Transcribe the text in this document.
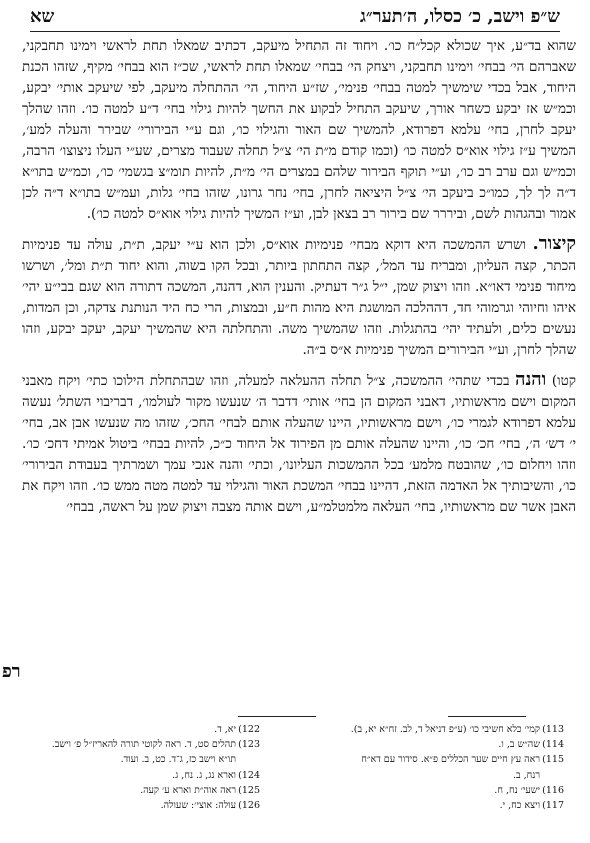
ש״פ וישב, כ׳ כסלו, ה׳תער״ג
שא

שהוא בד״ע, איך שכולא קכל״ח כו׳. ויחוד זה התחיל מיעקב, דכתיב שמאלו תחת לראשי וימינו תחבקני, שאברהם הי׳ בבחי׳ וימינו תחבקני, ויצחק הי׳ בבחי׳ שמאלו תחת לראשי, שכ״ז הוא בבחי׳ מקיף, שזהו הכנת היחוד, אבל בכדי שימשיך למטה בבחי׳ פנימי׳, שז״ע היחוד, הי׳ ההתחלה מיעקב, לפי שיעקב אותי׳ יבקע, וכמ״ש אז יבקע כשחר אורך, שיעקב התחיל לבקוע את החשך להיות גילוי בחי׳ ד״ע למטה כו׳. וזהו שהלך יעקב לחרן, בחי׳ עלמא דפרודא, להמשיך שם האור והגילוי כו׳, וגם ע״י הבירורי׳ שבירר והעלה למע׳, המשיך ע״ז גילוי אוא״ס למטה כו׳ (וכמו קודם מ״ת הי׳ צ״ל תחלה שעבוד מצרים, שע״י העלו ניצוצו׳ הרבה, וכמ״ש וגם ערב רב כו׳, וע״י תוקף הבירור שלהם במצרים הי׳ מ״ת, להיות תומ״צ בגשמי׳ כו׳, וכמ״ש בתו״א ד״ה לך לך, כמו״כ ביעקב הי׳ צ״ל היציאה לחרן, בחי׳ נחר גרונו, שזהו בחי׳ גלות, ועמ״ש בתו״א ד״ה לכן אמור ובהגהות לשם, וביררר שם בירור רב בצאן לבן, וע״ז המשיך להיות גילוי אוא״ס למטה כו׳).

קיצור. ושרש ההמשכה היא דוקא מבחי׳ פנימיות אוא״ס, ולכן הוא ע״י יעקב, ת״ת, עולה עד פנימיות הכתר, קצה העליון, ומבריח עד המל׳, קצה התחתון ביותר, ובכל הקו בשוה, והוא יחוד ת״ת ומל׳, ושרשו מיחוד פנימי דאו״א. וזהו ויצוק שמן, י״ל ג״ר דעתיק. והענין הוא, דהנה, המשכה דתורה הוא שגם בבי״ע יהי׳ איהו וחיוהי וגרמוהי חד, דההלכה המושגת היא מהות ח״ע, ובמצות, הרי כח היד הנותנת צדקה, וכן המדות, נעשים כלים, ולעתיד יהי׳ בהתגלות. וזהו שהמשיך משה. והתחלתה היא שהמשיך יעקב, יעקב יבקע, וזהו שהלך לחרן, וע״י הבירורים המשיך פנימיות א״ס ב״ה.

קטו) והנה בכדי שתהי׳ ההמשכה, צ״ל תחלה ההעלאה למעלה, וזהו שבהתחלת הילוכו כתי׳ ויקח מאבני המקום וישם מראשותיו, דאבני המקום הן בחי׳ אותי׳ דדבר ה׳ שנעשו מקור לעולמו׳, דבריבוי השתל׳ נעשה עלמא דפרודא לגמרי כו׳, וישם מראשותיו, היינו שהעלה אותם לבחי׳ החכ׳, שזהו מה שנעשו אבן אב, בחי׳ י׳ דש׳ ה׳, בחי׳ חכ׳ כו׳, והיינו שהעלה אותם מן הפירוד אל היחוד כ״כ, להיות בבחי׳ ביטול אמיתי דחכ׳ כו׳. וזהו ויחלום כו׳, שהובטח מלמע׳ בכל ההמשכות העליונו׳, וכתי׳ והנה אנכי עמך ושמרתיך בעבודת הבירורי׳ כו׳, והשיבותיך אל האדמה הזאת, דהיינו בבחי׳ המשכת האור והגילוי עד למטה מטה ממש כו׳. וזהו ויקח את האבן אשר שם מראשותיו, בחי׳ העלאה מלמטלמ״ע, וישם אותה מצבה ויצוק שמן על ראשה, בבחי׳

רפ
113)קמי׳ כלא חשיבי כו׳ (ע״פ דניאל ד, לב. זח״א יא, ב).
114)שה״ש ב, ו.
115)ראה עץ חיים שער הכללים פ״א. סידור עם דא״ח
רנח, ב.
116)ישעי׳ נח, ח.
117)ויצא כח, י.
122)יא, ד.
123)תהלים סט, ד. ראה לקוטי תורה להאריז״ל פ׳ וישב.
תו״א וישב כז, ג־ד. כט, ב. ועוד.
124)וארא נג, ג. נח, ג.
125)ראה אוה״ת וארא ע׳ קעה.
126)עולה: אוצי׳: שעולה.
